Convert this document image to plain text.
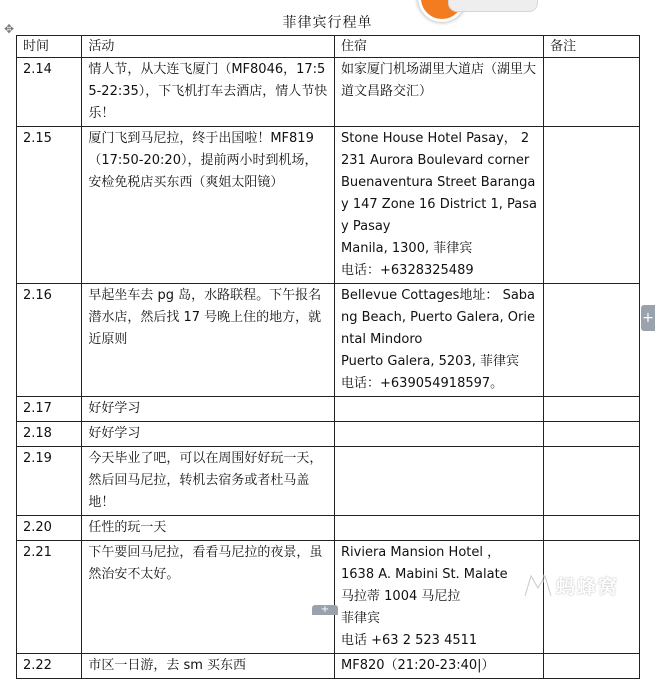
菲律宾行程单
✥
时间	活动	住宿	备注
2.14	情人节，从大连飞厦门（MF8046，17:55-22:35），下飞机打车去酒店，情人节快乐！	如家厦门机场湖里大道店（湖里大道文昌路交汇）	

2.15	厦门飞到马尼拉，终于出国啦！MF819（17:50-20:20），提前两小时到机场，安检免税店买东西（爽姐太阳镜）	Stone House Hotel Pasay， 2231 Aurora Boulevard corner Buenaventura Street Barangay 147 Zone 16 District 1, Pasay Pasay
Manila, 1300, 菲律宾
电话：+6328325489	

2.16	早起坐车去 pg 岛，水路联程。下午报名潜水店，然后找 17 号晚上住的地方，就近原则	Bellevue Cottages地址： Sabang Beach, Puerto Galera, Oriental Mindoro
Puerto Galera, 5203, 菲律宾
电话：+639054918597。	

2.17	好好学习		
2.18	好好学习		
2.19	今天毕业了吧，可以在周围好好玩一天，然后回马尼拉，转机去宿务或者杜马盖地！		
2.20	任性的玩一天		
2.21	下午要回马尼拉，看看马尼拉的夜景，虽然治安不太好。	Riviera Mansion Hotel ，
1638 A. Mabini St. Malate
马拉蒂 1004 马尼拉
菲律宾
电话 +63 2 523 4511	

2.22	市区一日游，去 sm 买东西	MF820（21:20-23:40|）	

+
+
蚂蜂窝
